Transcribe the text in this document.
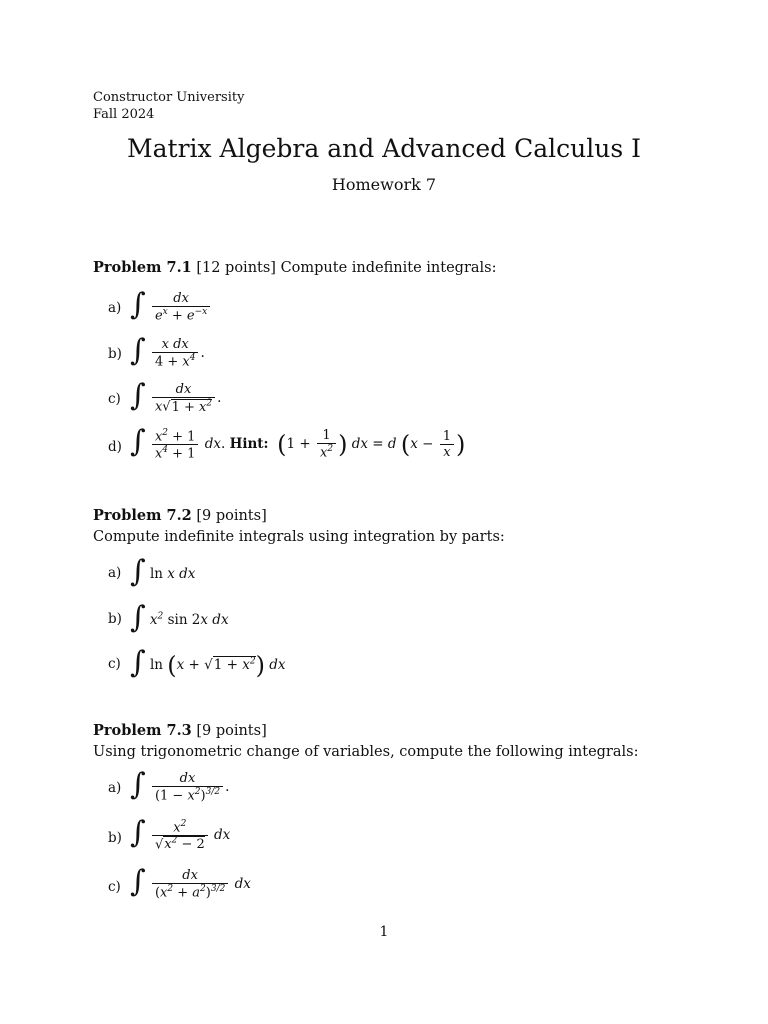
Constructor University
Fall 2024
Matrix Algebra and Advanced Calculus I
Homework 7
Problem 7.1 [12 points] Compute indefinite integrals:
a) ∫ $\frac{dx}{e^x + e^{-x}}$
b) ∫ $\frac{\text{x dx}}{4 + x^4}$ .
c) ∫ $\frac{dx}{x√1 + x^2}$ .
d) ∫ $\frac{x^2 + 1}{x^4 + 1}$ dx. Hint: ($1 + \frac{1}{x^2}$ ) dx = d ($x - \frac{1}{x}$ )
Problem 7.2 [9 points]
Compute indefinite integrals using integration by parts:
a) ∫ ln x dx
b) ∫ $x^2$ sin 2x dx
c) ∫ $\ln (x + √1 + x^2)$ dx
Problem 7.3 [9 points]
Using trigonometric change of variables, compute the following integrals:
a) ∫ $\frac{dx}{(1 - x^2)^{3/2}}$ .
b) ∫ $\frac{x^2}{√x^2 - 2}$ dx
c) ∫ $\frac{dx}{(x^2 + a^2)^{3/2}}$ dx
1
